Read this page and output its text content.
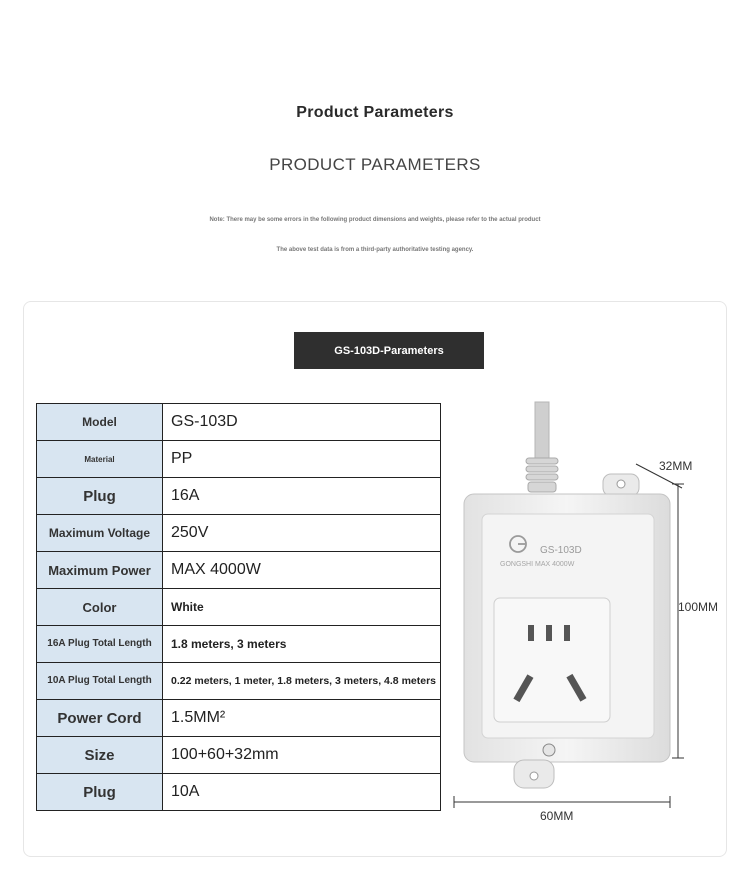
Product Parameters
PRODUCT PARAMETERS
Note: There may be some errors in the following product dimensions and weights, please refer to the actual product
The above test data is from a third-party authoritative testing agency.
GS-103D-Parameters
Model	GS-103D
Material	PP
Plug	16A
Maximum Voltage	250V
Maximum Power	MAX 4000W
Color	White
16A Plug Total Length	1.8 meters, 3 meters
10A Plug Total Length	0.22 meters, 1 meter, 1.8 meters, 3 meters, 4.8 meters
Power Cord	1.5MM²
Size	100+60+32mm
Plug	10A
GS-103D
GONGSHI MAX 4000W
32MM
100MM
60MM
